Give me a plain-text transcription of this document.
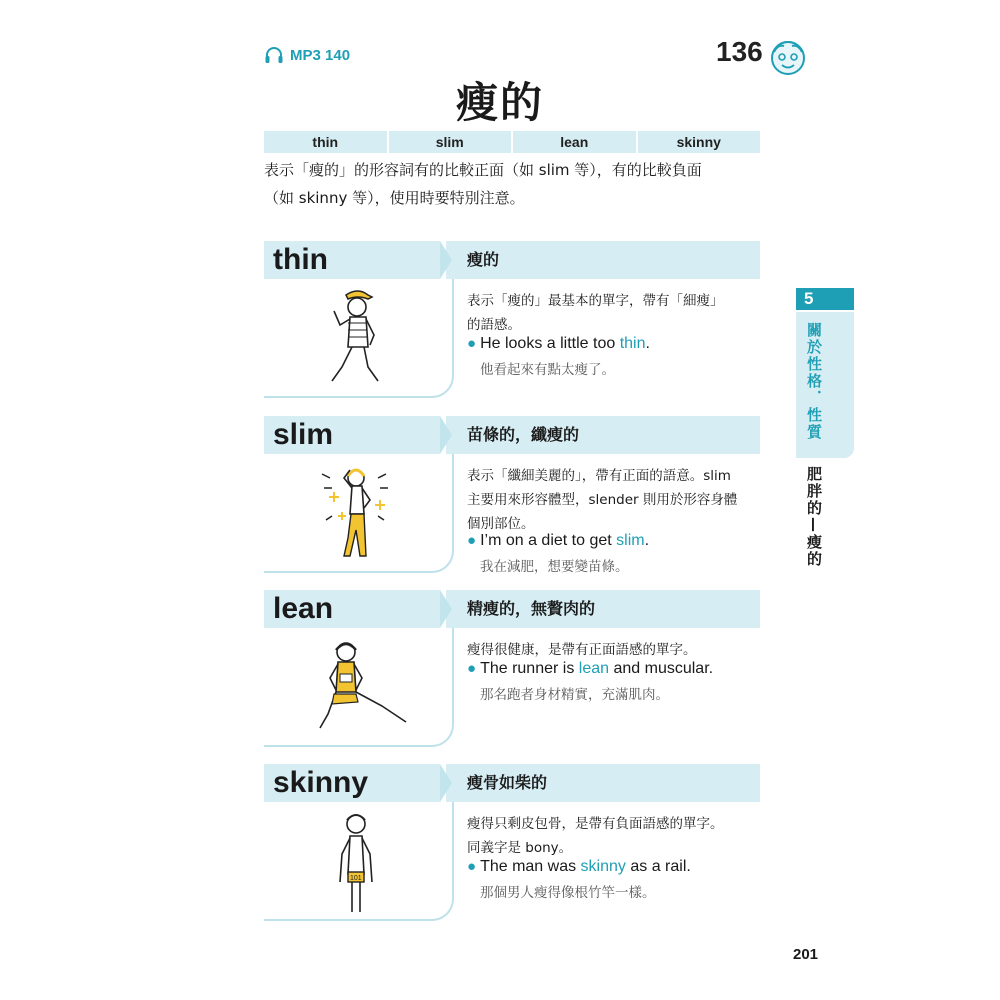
MP3 140	136
瘦的
thin	slim	lean	skinny
表示「瘦的」的形容詞有的比較正面（如 slim 等），有的比較負面
（如 skinny 等），使用時要特別注意。
thin	瘦的
表示「瘦的」最基本的單字，帶有「細瘦」
的語感。
● He looks a little too thin.
他看起來有點太瘦了。
slim	苗條的，纖瘦的
表示「纖細美麗的」，帶有正面的語意。slim
主要用來形容體型，slender 則用於形容身體
個別部位。
● I’m on a diet to get slim.
我在減肥，想要變苗條。
lean	精瘦的，無贅肉的
瘦得很健康，是帶有正面語感的單字。
● The runner is lean and muscular.
那名跑者身材精實，充滿肌肉。
skinny	瘦骨如柴的
101
瘦得只剩皮包骨，是帶有負面語感的單字。
同義字是 bony。
● The man was skinny as a rail.
那個男人瘦得像根竹竿一樣。
5
關於性格．性質
肥胖的—瘦的
201
